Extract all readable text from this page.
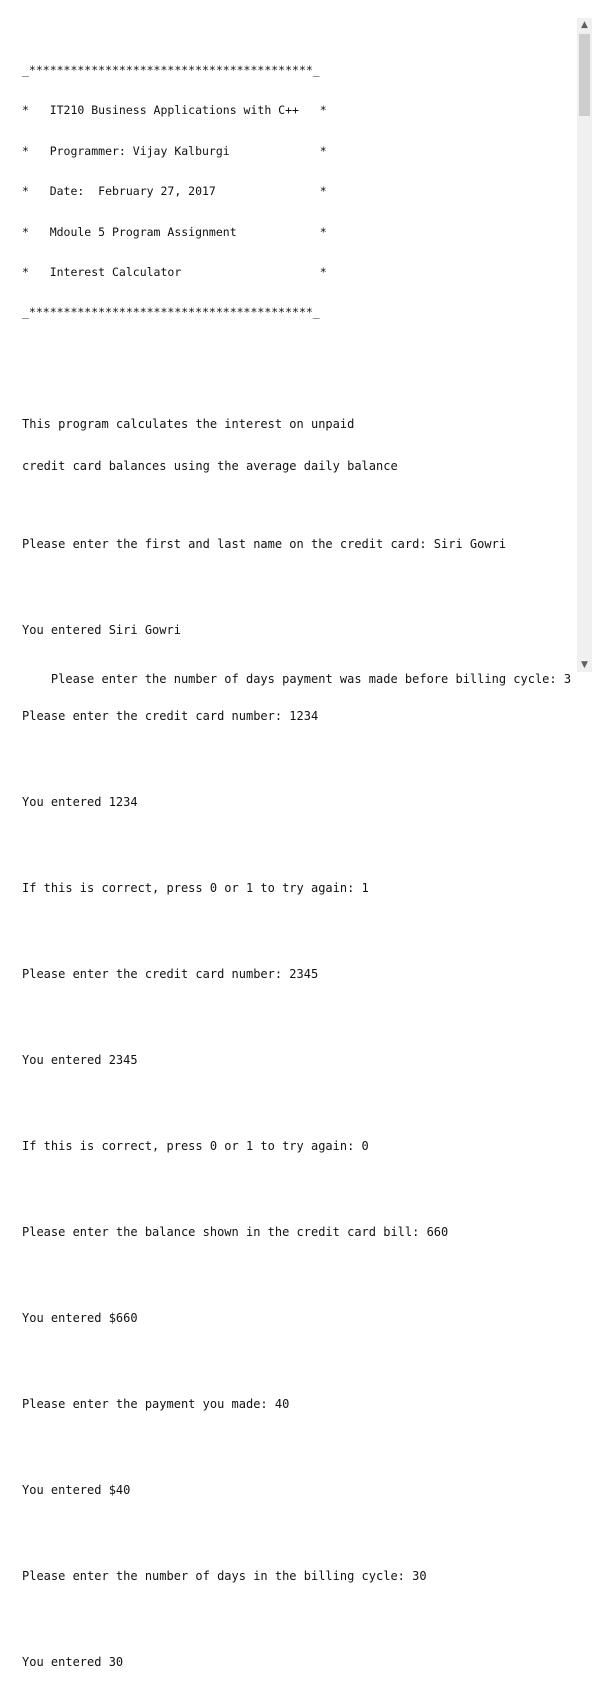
_*****************************************_

*   IT210 Business Applications with C++   *

*   Programmer: Vijay Kalburgi             *

*   Date:  February 27, 2017               *

*   Mdoule 5 Program Assignment            *

*   Interest Calculator                    *

_*****************************************_

This program calculates the interest on unpaid

credit card balances using the average daily balance

Please enter the first and last name on the credit card: Siri Gowri

You entered Siri Gowri

Please enter the credit card number: 1234

You entered 1234

If this is correct, press 0 or 1 to try again: 1

Please enter the credit card number: 2345

You entered 2345

If this is correct, press 0 or 1 to try again: 0

Please enter the balance shown in the credit card bill: 660

You entered $660

Please enter the payment you made: 40

You entered $40

Please enter the number of days in the billing cycle: 30

You entered 30

Please enter the number of days payment was made before billing cycle: 3

▲
▼
